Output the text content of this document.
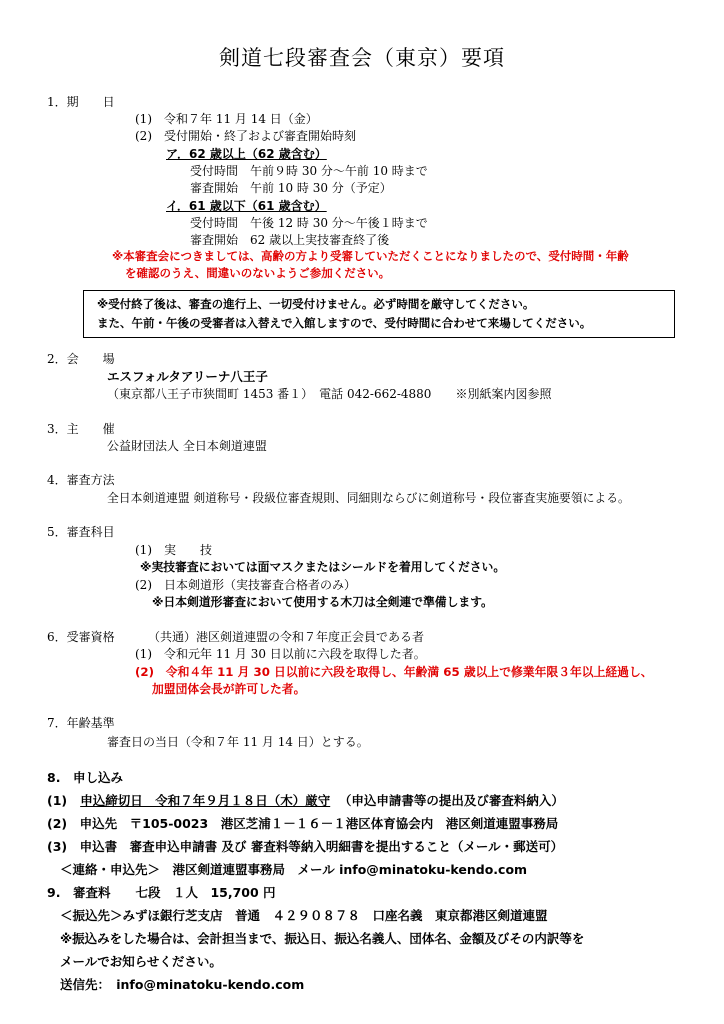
剣道七段審査会（東京）要項
1．期　　日
(1)　令和７年 11 月 14 日（金）
(2)　受付開始・終了および審査開始時刻
ア．62 歳以上（62 歳含む）
受付時間　午前９時 30 分～午前 10 時まで
審査開始　午前 10 時 30 分（予定）
イ．61 歳以下（61 歳含む）
受付時間　午後 12 時 30 分～午後１時まで
審査開始　62 歳以上実技審査終了後
※本審査会につきましては、高齢の方より受審していただくことになりましたので、受付時間・年齢
を確認のうえ、間違いのないようご参加ください。
※受付終了後は、審査の進行上、一切受付けません。必ず時間を厳守してください。
また、午前・午後の受審者は入替えで入館しますので、受付時間に合わせて来場してください。
2．会　　場
エスフォルタアリーナ八王子
（東京都八王子市狭間町 1453 番１）　電話 042-662-4880　　※別紙案内図参照
3．主　　催
公益財団法人 全日本剣道連盟
4．審査方法
全日本剣道連盟 剣道称号・段級位審査規則、同細則ならびに剣道称号・段位審査実施要領による。
5．審査科目
(1)　実　　技
※実技審査においては面マスクまたはシールドを着用してください。
(2)　日本剣道形（実技審査合格者のみ）
※日本剣道形審査において使用する木刀は全剣連で準備します。
6．受審資格	（共通）港区剣道連盟の令和７年度正会員である者
(1)　令和元年 11 月 30 日以前に六段を取得した者。
(2)　令和４年 11 月 30 日以前に六段を取得し、年齢満 65 歳以上で修業年限３年以上経過し、
加盟団体会長が許可した者。
7．年齢基準
審査日の当日（令和７年 11 月 14 日）とする。
8.　申し込み
(1) 申込締切日　令和７年９月１８日（木）厳守 （申込申請書等の提出及び審査料納入）
(2)　申込先　〒105-0023　港区芝浦１－１６－１港区体育協会内　港区剣道連盟事務局
(3)　申込書　審査申込申請書 及び 審査料等納入明細書を提出すること（メール・郵送可）
＜連絡・申込先＞　港区剣道連盟事務局　メール info@minatoku-kendo.com
9.　審査料　　七段　１人　15,700 円
＜振込先＞みずほ銀行芝支店　普通　４２９０８７８　口座名義　東京都港区剣道連盟
※振込みをした場合は、会計担当まで、振込日、振込名義人、団体名、金額及びその内訳等を
メールでお知らせください。
送信先：　info@minatoku-kendo.com
